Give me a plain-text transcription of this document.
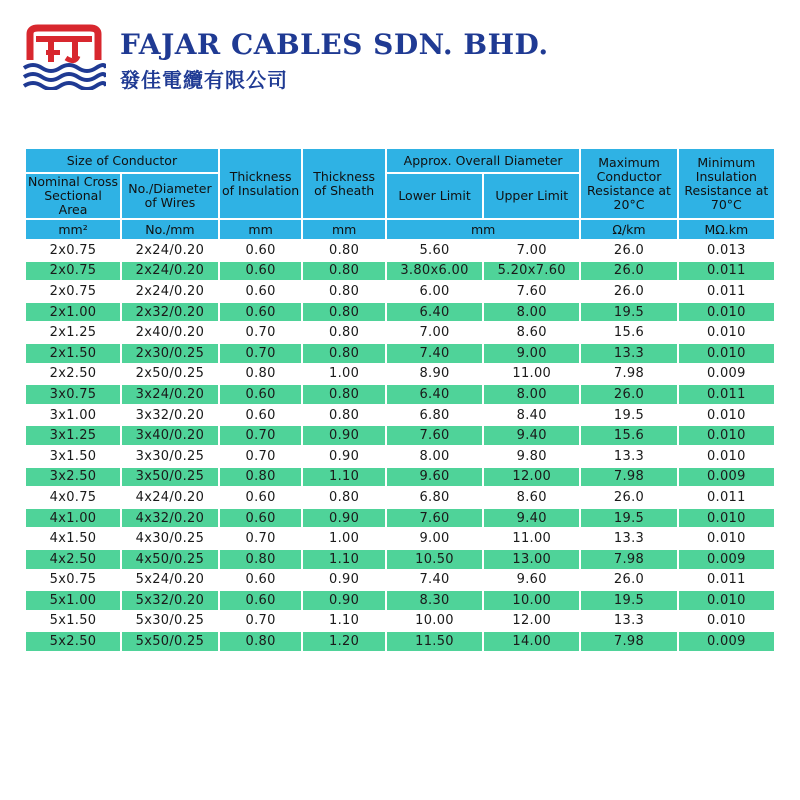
FAJAR CABLES SDN. BHD.
發佳電纜有限公司
Size of Conductor		Thickness of Insulation	Thickness of Sheath	Approx. Overall Diameter		Maximum Conductor Resistance at 20°C	Minimum Insulation Resistance at 70°C
Nominal Cross Sectional Area	No./Diameter of Wires			Lower Limit	Upper Limit		
mm²	No./mm	mm	mm	mm		Ω/km	MΩ.km
2x0.75	2x24/0.20	0.60	0.80	5.60	7.00	26.0	0.013
2x0.75	2x24/0.20	0.60	0.80	3.80x6.00	5.20x7.60	26.0	0.011
2x0.75	2x24/0.20	0.60	0.80	6.00	7.60	26.0	0.011
2x1.00	2x32/0.20	0.60	0.80	6.40	8.00	19.5	0.010
2x1.25	2x40/0.20	0.70	0.80	7.00	8.60	15.6	0.010
2x1.50	2x30/0.25	0.70	0.80	7.40	9.00	13.3	0.010
2x2.50	2x50/0.25	0.80	1.00	8.90	11.00	7.98	0.009
3x0.75	3x24/0.20	0.60	0.80	6.40	8.00	26.0	0.011
3x1.00	3x32/0.20	0.60	0.80	6.80	8.40	19.5	0.010
3x1.25	3x40/0.20	0.70	0.90	7.60	9.40	15.6	0.010
3x1.50	3x30/0.25	0.70	0.90	8.00	9.80	13.3	0.010
3x2.50	3x50/0.25	0.80	1.10	9.60	12.00	7.98	0.009
4x0.75	4x24/0.20	0.60	0.80	6.80	8.60	26.0	0.011
4x1.00	4x32/0.20	0.60	0.90	7.60	9.40	19.5	0.010
4x1.50	4x30/0.25	0.70	1.00	9.00	11.00	13.3	0.010
4x2.50	4x50/0.25	0.80	1.10	10.50	13.00	7.98	0.009
5x0.75	5x24/0.20	0.60	0.90	7.40	9.60	26.0	0.011
5x1.00	5x32/0.20	0.60	0.90	8.30	10.00	19.5	0.010
5x1.50	5x30/0.25	0.70	1.10	10.00	12.00	13.3	0.010
5x2.50	5x50/0.25	0.80	1.20	11.50	14.00	7.98	0.009
